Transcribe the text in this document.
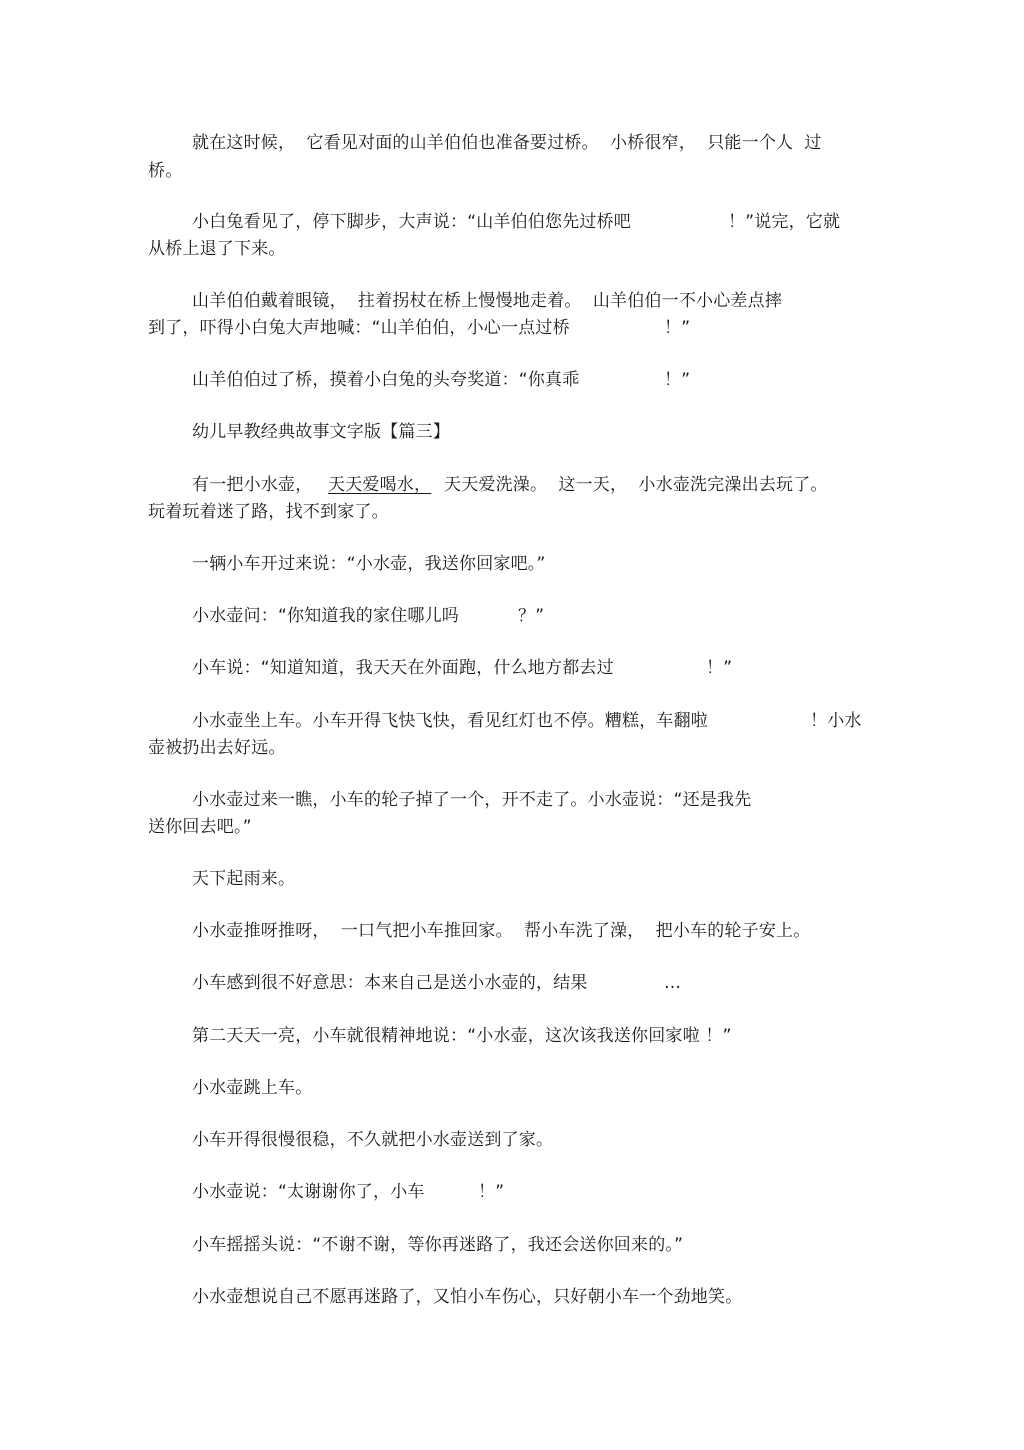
就在这时候，  它看见对面的山羊伯伯也准备要过桥。  小桥很窄，  只能一个人  过
桥。
小白兔看见了，停下脚步，大声说：“山羊伯伯您先过桥吧	！”说完，它就
从桥上退了下来。
山羊伯伯戴着眼镜，  拄着拐杖在桥上慢慢地走着。  山羊伯伯一不小心差点摔
到了，吓得小白兔大声地喊：“山羊伯伯，小心一点过桥	！”
山羊伯伯过了桥，摸着小白兔的头夸奖道：“你真乖	！”
幼儿早教经典故事文字版【篇三】
有一把小水壶， 天天爱喝水， 天天爱洗澡。  这一天，  小水壶洗完澡出去玩了。
玩着玩着迷了路，找不到家了。
一辆小车开过来说：“小水壶，我送你回家吧。”
小水壶问：“你知道我的家住哪儿吗	？”
小车说：“知道知道，我天天在外面跑，什么地方都去过	！”
小水壶坐上车。小车开得飞快飞快，看见红灯也不停。糟糕，车翻啦	！小水
壶被扔出去好远。
小水壶过来一瞧，小车的轮子掉了一个，开不走了。小水壶说：“还是我先
送你回去吧。”
天下起雨来。
小水壶推呀推呀，  一口气把小车推回家。  帮小车洗了澡，  把小车的轮子安上。
小车感到很不好意思：本来自己是送小水壶的，结果	…
第二天天一亮，小车就很精神地说：“小水壶，这次该我送你回家啦 ！”
小水壶跳上车。
小车开得很慢很稳，不久就把小水壶送到了家。
小水壶说：“太谢谢你了，小车	！”
小车摇摇头说：“不谢不谢，等你再迷路了，我还会送你回来的。”
小水壶想说自己不愿再迷路了，又怕小车伤心，只好朝小车一个劲地笑。
